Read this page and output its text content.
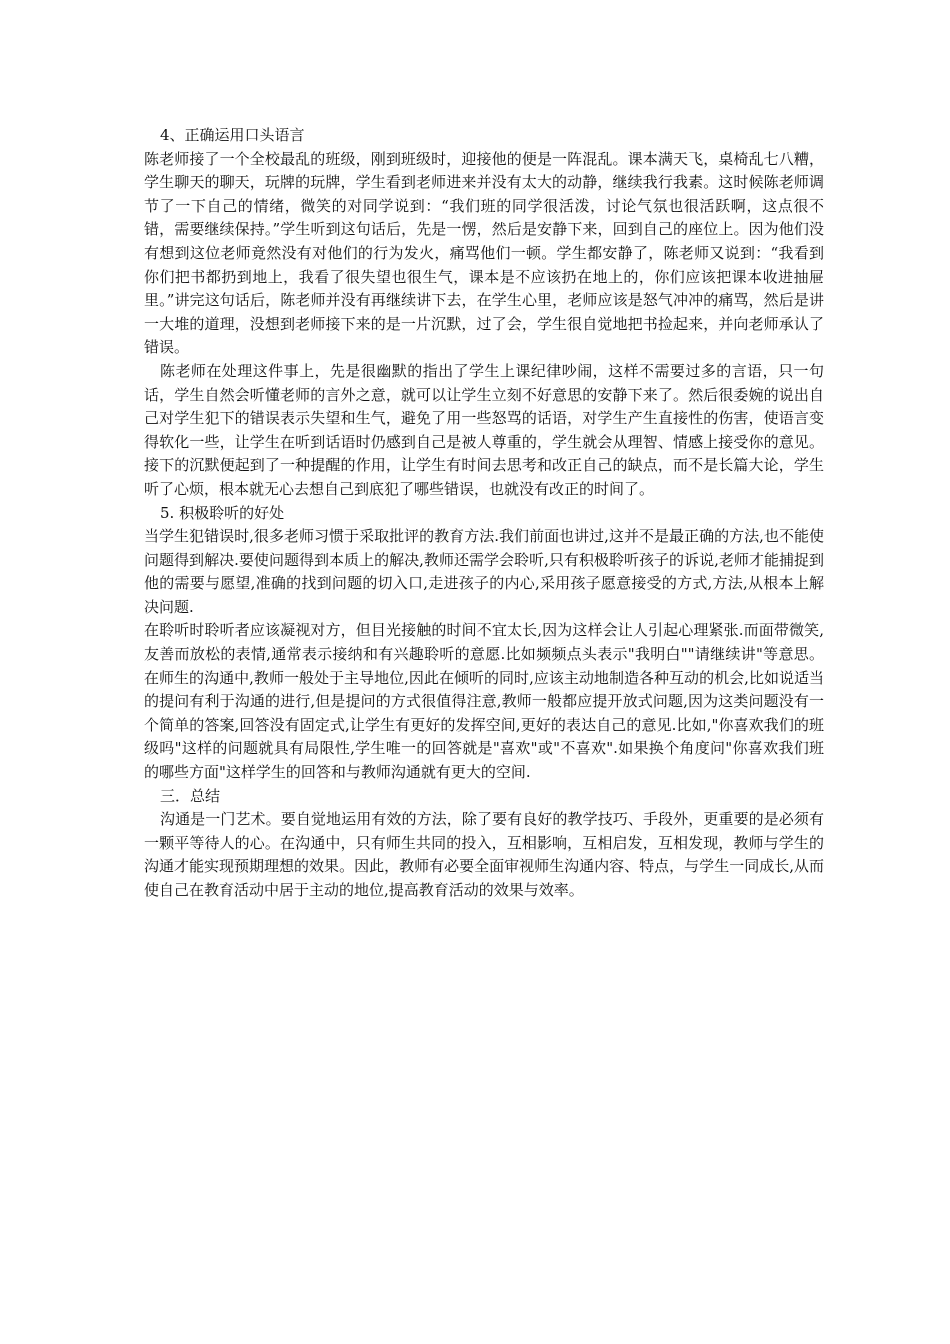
4、正确运用口头语言

陈老师接了一个全校最乱的班级，刚到班级时，迎接他的便是一阵混乱。课本满天飞，桌椅乱七八糟，学生聊天的聊天，玩牌的玩牌，学生看到老师进来并没有太大的动静，继续我行我素。这时候陈老师调节了一下自己的情绪，微笑的对同学说到：“我们班的同学很活泼，讨论气氛也很活跃啊，这点很不错，需要继续保持。”学生听到这句话后，先是一愣，然后是安静下来，回到自己的座位上。因为他们没有想到这位老师竟然没有对他们的行为发火，痛骂他们一顿。学生都安静了，陈老师又说到：“我看到你们把书都扔到地上，我看了很失望也很生气，课本是不应该扔在地上的，你们应该把课本收进抽屉里。”讲完这句话后，陈老师并没有再继续讲下去，在学生心里，老师应该是怒气冲冲的痛骂，然后是讲一大堆的道理，没想到老师接下来的是一片沉默，过了会，学生很自觉地把书捡起来，并向老师承认了错误。

陈老师在处理这件事上，先是很幽默的指出了学生上课纪律吵闹，这样不需要过多的言语，只一句话，学生自然会听懂老师的言外之意，就可以让学生立刻不好意思的安静下来了。然后很委婉的说出自己对学生犯下的错误表示失望和生气，避免了用一些怒骂的话语，对学生产生直接性的伤害，使语言变得软化一些，让学生在听到话语时仍感到自己是被人尊重的，学生就会从理智、情感上接受你的意见。接下的沉默便起到了一种提醒的作用，让学生有时间去思考和改正自己的缺点，而不是长篇大论，学生听了心烦，根本就无心去想自己到底犯了哪些错误，也就没有改正的时间了。

5. 积极聆听的好处

当学生犯错误时,很多老师习惯于采取批评的教育方法.我们前面也讲过,这并不是最正确的方法,也不能使问题得到解决.要使问题得到本质上的解决,教师还需学会聆听,只有积极聆听孩子的诉说,老师才能捕捉到他的需要与愿望,准确的找到问题的切入口,走进孩子的内心,采用孩子愿意接受的方式,方法,从根本上解决问题.

在聆听时聆听者应该凝视对方，但目光接触的时间不宜太长,因为这样会让人引起心理紧张.而面带微笑,友善而放松的表情,通常表示接纳和有兴趣聆听的意愿.比如频频点头表示"我明白""请继续讲"等意思。在师生的沟通中,教师一般处于主导地位,因此在倾听的同时,应该主动地制造各种互动的机会,比如说适当的提问有利于沟通的进行,但是提问的方式很值得注意,教师一般都应提开放式问题,因为这类问题没有一个简单的答案,回答没有固定式,让学生有更好的发挥空间,更好的表达自己的意见.比如,"你喜欢我们的班级吗"这样的问题就具有局限性,学生唯一的回答就是"喜欢"或"不喜欢".如果换个角度问"你喜欢我们班的哪些方面"这样学生的回答和与教师沟通就有更大的空间.

三．总结

沟通是一门艺术。要自觉地运用有效的方法，除了要有良好的教学技巧、手段外，更重要的是必须有一颗平等待人的心。在沟通中，只有师生共同的投入，互相影响，互相启发，互相发现，教师与学生的沟通才能实现预期理想的效果。因此，教师有必要全面审视师生沟通内容、特点，与学生一同成长,从而使自己在教育活动中居于主动的地位,提高教育活动的效果与效率。
